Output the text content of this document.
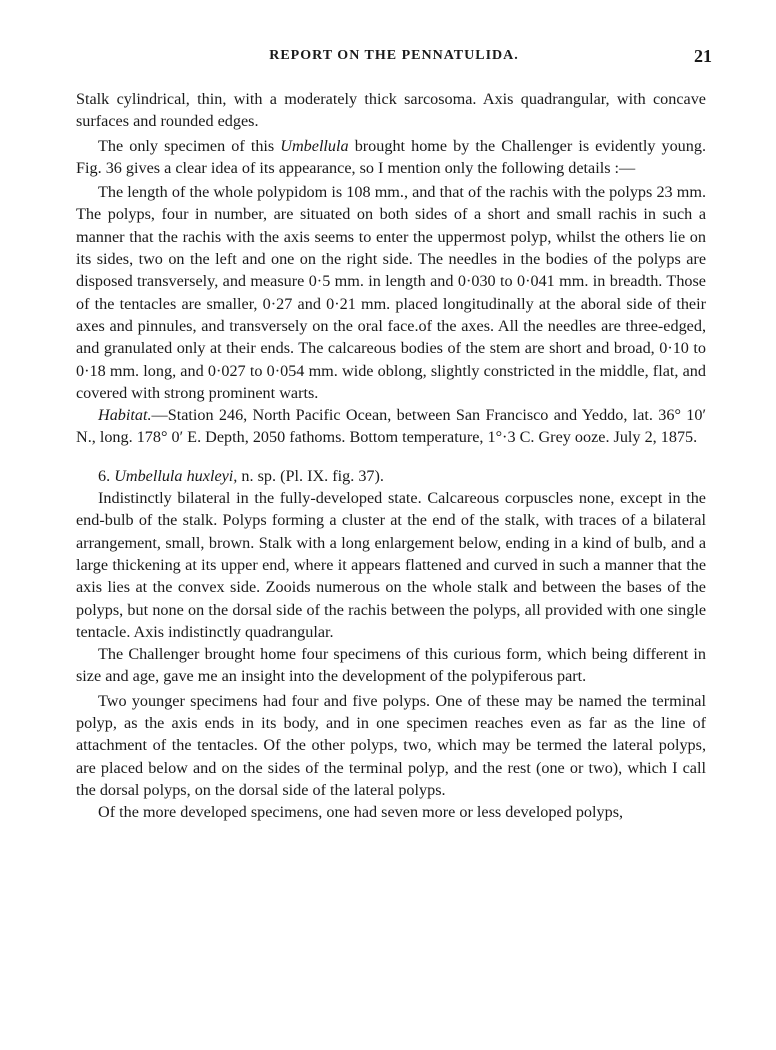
REPORT ON THE PENNATULIDA.	21

Stalk cylindrical, thin, with a moderately thick sarcosoma. Axis quadrangular, with concave surfaces and rounded edges.

The only specimen of this Umbellula brought home by the Challenger is evidently young. Fig. 36 gives a clear idea of its appearance, so I mention only the following details :—

The length of the whole polypidom is 108 mm., and that of the rachis with the polyps 23 mm. The polyps, four in number, are situated on both sides of a short and small rachis in such a manner that the rachis with the axis seems to enter the uppermost polyp, whilst the others lie on its sides, two on the left and one on the right side. The needles in the bodies of the polyps are disposed transversely, and measure 0·5 mm. in length and 0·030 to 0·041 mm. in breadth. Those of the tentacles are smaller, 0·27 and 0·21 mm. placed longitudinally at the aboral side of their axes and pinnules, and transversely on the oral face.of the axes. All the needles are three-edged, and granulated only at their ends. The calcareous bodies of the stem are short and broad, 0·10 to 0·18 mm. long, and 0·027 to 0·054 mm. wide oblong, slightly constricted in the middle, flat, and covered with strong prominent warts.

Habitat.—Station 246, North Pacific Ocean, between San Francisco and Yeddo, lat. 36° 10′ N., long. 178° 0′ E. Depth, 2050 fathoms. Bottom temperature, 1°·3 C. Grey ooze. July 2, 1875.

6. Umbellula huxleyi, n. sp. (Pl. IX. fig. 37).

Indistinctly bilateral in the fully-developed state. Calcareous corpuscles none, except in the end-bulb of the stalk. Polyps forming a cluster at the end of the stalk, with traces of a bilateral arrangement, small, brown. Stalk with a long enlargement below, ending in a kind of bulb, and a large thickening at its upper end, where it appears flattened and curved in such a manner that the axis lies at the convex side. Zooids numerous on the whole stalk and between the bases of the polyps, but none on the dorsal side of the rachis between the polyps, all provided with one single tentacle. Axis indistinctly quadrangular.

The Challenger brought home four specimens of this curious form, which being different in size and age, gave me an insight into the development of the polypiferous part.

Two younger specimens had four and five polyps. One of these may be named the terminal polyp, as the axis ends in its body, and in one specimen reaches even as far as the line of attachment of the tentacles. Of the other polyps, two, which may be termed the lateral polyps, are placed below and on the sides of the terminal polyp, and the rest (one or two), which I call the dorsal polyps, on the dorsal side of the lateral polyps.

Of the more developed specimens, one had seven more or less developed polyps,
